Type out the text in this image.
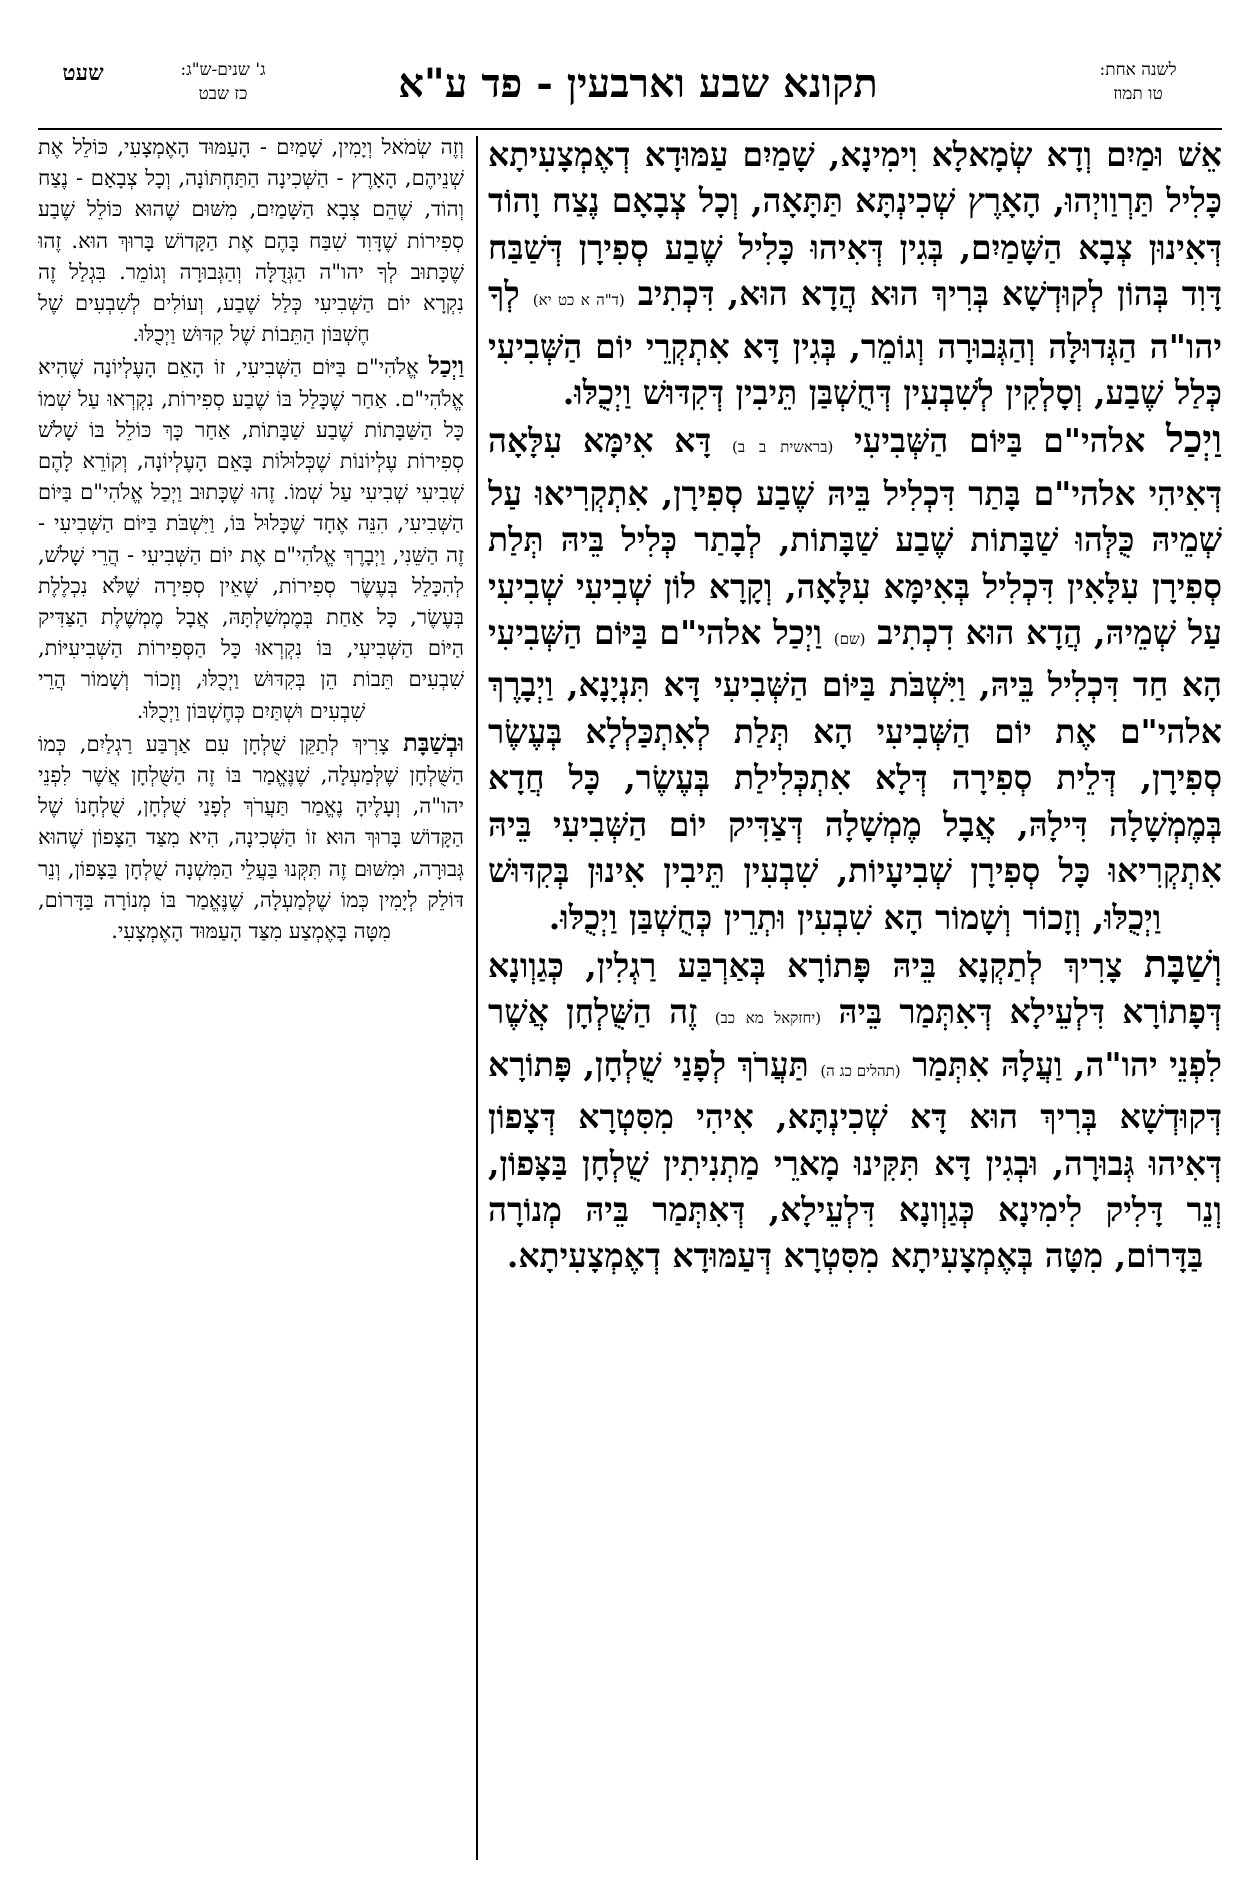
לשנה אחת:
טו תמוז
תקונא שבע וארבעין - פד ע"א
ג' שנים-ש"ג:
כז שבט
שעט

אֵשׁ וּמַיִם וְדָא שְׂמָאלָא וִימִינָא, שָׁמַיִם עַמּוּדָא דְאֶמְצָעִיתָא כָּלִיל תַּרְוַויְהוּ, הָאָרֶץ שְׁכִינְתָּא תַּתָּאָה, וְכָל צְבָאָם נֶצַח וָהוֹד דְּאִינוּן צְבָא הַשָּׁמַיִם, בְּגִין דְּאִיהוּ כָּלִיל שֶׁבַע סְפִירָן דְּשַׁבַּח דָּוִד בְּהוֹן לְקוּדְשָׁא בְּרִיךְ הוּא הֲדָא הוּא, דִּכְתִיב (ד"ה א כט יא) לְךָ יהו"ה הַגְּדוּלָּה וְהַגְּבוּרָה וְגוֹמֵר, בְּגִין דָּא אִתְקְרֵי יוֹם הַשְּׁבִיעִי כְּלַל שֶׁבַע, וְסָלְקִין לְשִׁבְעִין דְּחֻשְׁבַּן תֵּיבִין דְּקִדּוּשׁ וַיְכֻלּוּ.

וַיְכַל אלהי"ם בַּיּוֹם הַשְּׁבִיעִי (בראשית ב ב) דָּא אִימָּא עִלָּאָה דְּאִיהִי אלהי"ם בָּתַר דִּכְלִיל בֵּיהּ שֶׁבַע סְפִירָן, אִתְקְרִיאוּ עַל שְׁמֵיהּ כֻּלְּהוּ שַׁבָּתוֹת שֶׁבַע שַׁבָּתוֹת, לְבָתַר כְּלִיל בֵּיהּ תְּלַת סְפִירָן עִלָּאִין דִּכְלִיל בְּאִימָּא עִלָּאָה, וְקָרָא לוֹן שְׁבִיעִי שְׁבִיעִי עַל שְׁמֵיהּ, הֲדָא הוּא דִכְתִיב (שם) וַיְכַל אלהי"ם בַּיּוֹם הַשְּׁבִיעִי הָא חַד דִּכְלִיל בֵּיהּ, וַיִּשְׁבֹּת בַּיּוֹם הַשְּׁבִיעִי דָּא תִּנְיָנָא, וַיְבָרֶךְ אלהי"ם אֶת יוֹם הַשְּׁבִיעִי הָא תְּלַת לְאִתְכַּלְלָא בְּעֶשֶׂר סְפִירָן, דְּלֵית סְפִירָה דְּלָא אִתְכְּלִילַת בְּעֶשֶׂר, כָּל חֲדָא בְּמֶמְשָׁלָה דִּילָהּ, אֲבָל מֶמְשָׁלָה דְּצַדִּיק יוֹם הַשְּׁבִיעִי בֵּיהּ אִתְקְרִיאוּ כָּל סְפִירָן שְׁבִיעָיוֹת, שִׁבְעִין תֵּיבִין אִינוּן בְּקִדּוּשׁ וַיְכֻלּוּ, וְזָכוֹר וְשָׁמוֹר הָא שִׁבְעִין וּתְרֵין כְּחֻשְׁבַּן וַיְכֻלּוּ.

וְשַׁבָּת צָרִיךְ לְתַקְנָא בֵּיהּ פָּתוֹרָא בְּאַרְבַּע רַגְלִין, כְּגַוְונָא דְּפָתוֹרָא דִּלְעֵילָא דְּאִתְּמַר בֵּיהּ (יחזקאל מא כב) זֶה הַשֻּׁלְחָן אֲשֶׁר לִפְנֵי יהו"ה, וַעֲלָהּ אִתְּמַר (תהלים כג ה) תַּעֲרֹךְ לְפָנַי שֻׁלְחָן, פָּתוֹרָא דְּקוּדְשָׁא בְּרִיךְ הוּא דָּא שְׁכִינְתָּא, אִיהִי מִסִּטְרָא דְּצָפוֹן דְּאִיהוּ גְּבוּרָה, וּבְגִין דָּא תִּקִּינוּ מָארֵי מַתְנִיתִין שֻׁלְחָן בַּצָּפוֹן, וְנֵר דָּלִיק לִימִינָא כְּגַוְונָא דִּלְעֵילָא, דְּאִתְּמַר בֵּיהּ מְנוֹרָה בַּדָּרוֹם, מִטָּה בְּאֶמְצָעִיתָא מִסִּטְרָא דְּעַמּוּדָא דְאֶמְצָעִיתָא.

וְזֶה שְׂמֹאל וְיָמִין, שָׁמַיִם - הָעַמּוּד הָאֶמְצָעִי, כּוֹלֵל אֶת שְׁנֵיהֶם, הָאָרֶץ - הַשְּׁכִינָה הַתַּחְתּוֹנָה, וְכָל צְבָאָם - נֶצַח וְהוֹד, שֶׁהֵם צְבָא הַשָּׁמַיִם, מִשּׁוּם שֶׁהוּא כּוֹלֵל שֶׁבַע סְפִירוֹת שֶׁדָּוִד שִׁבַּח בָּהֶם אֶת הַקָּדוֹשׁ בָּרוּךְ הוּא. זֶהוּ שֶׁכָּתוּב לְךָ יהו"ה הַגְּדֻלָּה וְהַגְּבוּרָה וְגוֹמֵר. בִּגְלַל זֶה נִקְרָא יוֹם הַשְּׁבִיעִי כְּלַל שֶׁבַע, וְעוֹלִים לְשִׁבְעִים שֶׁל חֶשְׁבּוֹן הַתֵּבוֹת שֶׁל קִדּוּשׁ וַיְכֻלּוּ.

וַיְכַל אֱלֹהִי"ם בַּיּוֹם הַשְּׁבִיעִי, זוֹ הָאֵם הָעֶלְיוֹנָה שֶׁהִיא אֱלֹהִי"ם. אַחַר שֶׁכָּלַל בּוֹ שֶׁבַע סְפִירוֹת, נִקְרְאוּ עַל שְׁמוֹ כָּל הַשַּׁבָּתוֹת שֶׁבַע שַׁבָּתוֹת, אַחַר כָּךְ כּוֹלֵל בּוֹ שָׁלֹשׁ סְפִירוֹת עֶלְיוֹנוֹת שֶׁכְּלוּלוֹת בָּאֵם הָעֶלְיוֹנָה, וְקוֹרֵא לָהֶם שְׁבִיעִי שְׁבִיעִי עַל שְׁמוֹ. זֶהוּ שֶׁכָּתוּב וַיְכַל אֱלֹהִי"ם בַּיּוֹם הַשְּׁבִיעִי, הִנֵּה אֶחָד שֶׁכָּלוּל בּוֹ, וַיִּשְׁבֹּת בַּיּוֹם הַשְּׁבִיעִי - זֶה הַשֵּׁנִי, וַיְבָרֶךְ אֱלֹהִי"ם אֶת יוֹם הַשְּׁבִיעִי - הֲרֵי שָׁלֹשׁ, לְהִכָּלֵל בְּעֶשֶׂר סְפִירוֹת, שֶׁאֵין סְפִירָה שֶׁלֹּא נִכְלֶלֶת בְּעֶשֶׂר, כָּל אַחַת בְּמֶמְשַׁלְתָּהּ, אֲבָל מֶמְשֶׁלֶת הַצַּדִּיק הַיּוֹם הַשְּׁבִיעִי, בּוֹ נִקְרְאוּ כָּל הַסְּפִירוֹת הַשְּׁבִיעִיּוֹת, שִׁבְעִים תֵּבוֹת הֵן בְּקִדּוּשׁ וַיְכֻלּוּ, וְזָכוֹר וְשָׁמוֹר הֲרֵי שִׁבְעִים וּשְׁתַּיִם כְּחֶשְׁבּוֹן וַיְכֻלּוּ.

וּבְשַׁבָּת צָרִיךְ לְתַקֵּן שֻׁלְחָן עִם אַרְבַּע רַגְלַיִם, כְּמוֹ הַשֻּׁלְחָן שֶׁלְּמַעְלָה, שֶׁנֶּאֱמַר בּוֹ זֶה הַשֻּׁלְחָן אֲשֶׁר לִפְנֵי יהו"ה, וְעָלֶיהָ נֶאֱמַר תַּעֲרֹךְ לְפָנַי שֻׁלְחָן, שֻׁלְחָנוֹ שֶׁל הַקָּדוֹשׁ בָּרוּךְ הוּא זוֹ הַשְּׁכִינָה, הִיא מִצַּד הַצָּפוֹן שֶׁהוּא גְּבוּרָה, וּמִשּׁוּם זֶה תִּקְּנוּ בַּעֲלֵי הַמִּשְׁנָה שֻׁלְחָן בַּצָּפוֹן, וְנֵר דּוֹלֵק לְיָמִין כְּמוֹ שֶׁלְּמַעְלָה, שֶׁנֶּאֱמַר בּוֹ מְנוֹרָה בַּדָּרוֹם, מִטָּה בָּאֶמְצַע מִצַּד הָעַמּוּד הָאֶמְצָעִי.
